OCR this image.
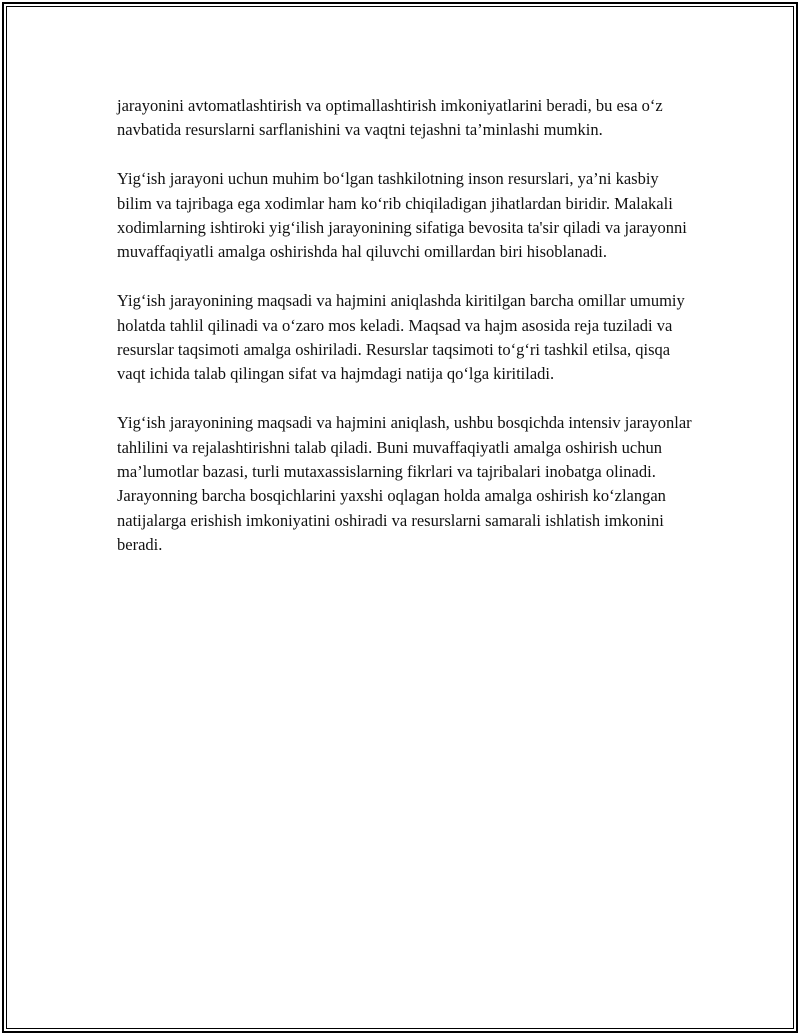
jarayonini avtomatlashtirish va optimallashtirish imkoniyatlarini beradi, bu esa o‘z navbatida resurslarni sarflanishini va vaqtni tejashni ta’minlashi mumkin.

Yig‘ish jarayoni uchun muhim bo‘lgan tashkilotning inson resurslari, ya’ni kasbiy bilim va tajribaga ega xodimlar ham ko‘rib chiqiladigan jihatlardan biridir. Malakali xodimlarning ishtiroki yig‘ilish jarayonining sifatiga bevosita ta'sir qiladi va jarayonni muvaffaqiyatli amalga oshirishda hal qiluvchi omillardan biri hisoblanadi.

Yig‘ish jarayonining maqsadi va hajmini aniqlashda kiritilgan barcha omillar umumiy holatda tahlil qilinadi va o‘zaro mos keladi. Maqsad va hajm asosida reja tuziladi va resurslar taqsimoti amalga oshiriladi. Resurslar taqsimoti to‘g‘ri tashkil etilsa, qisqa vaqt ichida talab qilingan sifat va hajmdagi natija qo‘lga kiritiladi.

Yig‘ish jarayonining maqsadi va hajmini aniqlash, ushbu bosqichda intensiv jarayonlar tahlilini va rejalashtirishni talab qiladi. Buni muvaffaqiyatli amalga oshirish uchun ma’lumotlar bazasi, turli mutaxassislarning fikrlari va tajribalari inobatga olinadi. Jarayonning barcha bosqichlarini yaxshi oqlagan holda amalga oshirish ko‘zlangan natijalarga erishish imkoniyatini oshiradi va resurslarni samarali ishlatish imkonini beradi.
